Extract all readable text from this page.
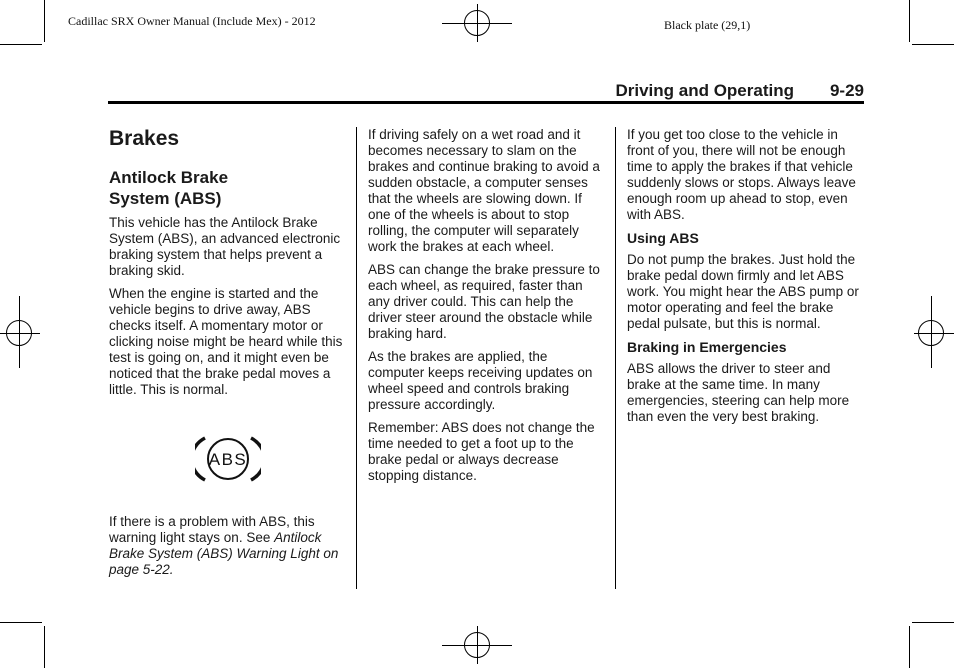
Cadillac SRX Owner Manual (Include Mex) - 2012	Black plate (29,1)
Driving and Operating 9-29
Brakes
Antilock Brake
System (ABS)

This vehicle has the Antilock Brake System (ABS), an advanced electronic braking system that helps prevent a braking skid.

When the engine is started and the vehicle begins to drive away, ABS checks itself. A momentary motor or clicking noise might be heard while this test is going on, and it might even be noticed that the brake pedal moves a little. This is normal.

ABS

If there is a problem with ABS, this warning light stays on. See Antilock Brake System (ABS) Warning Light on page 5-22.

If driving safely on a wet road and it becomes necessary to slam on the brakes and continue braking to avoid a sudden obstacle, a computer senses that the wheels are slowing down. If one of the wheels is about to stop rolling, the computer will separately work the brakes at each wheel.

ABS can change the brake pressure to each wheel, as required, faster than any driver could. This can help the driver steer around the obstacle while braking hard.

As the brakes are applied, the computer keeps receiving updates on wheel speed and controls braking pressure accordingly.

Remember: ABS does not change the time needed to get a foot up to the brake pedal or always decrease stopping distance.

If you get too close to the vehicle in front of you, there will not be enough time to apply the brakes if that vehicle suddenly slows or stops. Always leave enough room up ahead to stop, even with ABS.

Using ABS

Do not pump the brakes. Just hold the brake pedal down firmly and let ABS work. You might hear the ABS pump or motor operating and feel the brake pedal pulsate, but this is normal.

Braking in Emergencies

ABS allows the driver to steer and brake at the same time. In many emergencies, steering can help more than even the very best braking.
